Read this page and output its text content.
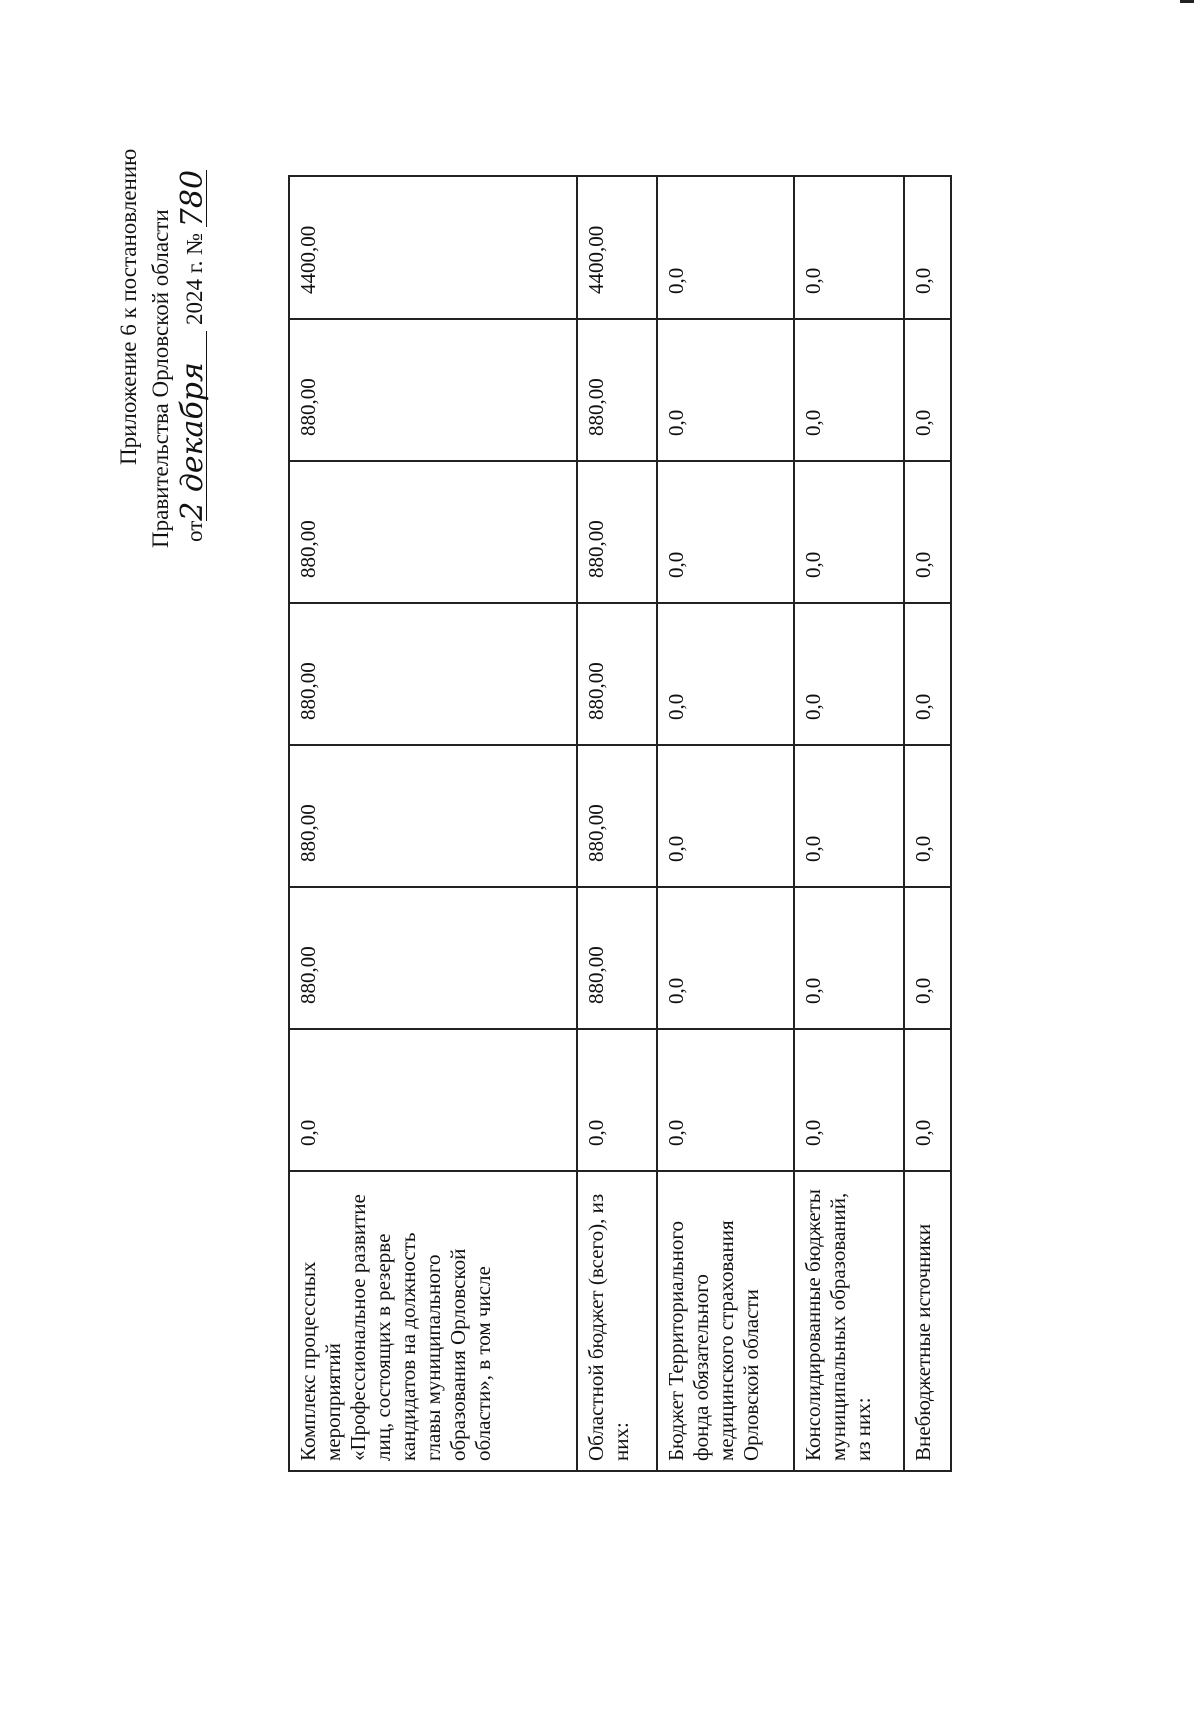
Приложение 6 к постановлению Правительства Орловской области от2 декабря 2024 г. № 780
Комплекс процессных мероприятий «Профессиональное развитие лиц, состоящих в резерве кандидатов на должность главы муниципального образования Орловской области», в том числе	0,0	880,00	880,00	880,00	880,00	880,00	4400,00
Областной бюджет (всего), из них:	0,0	880,00	880,00	880,00	880,00	880,00	4400,00
Бюджет Территориального фонда обязательного медицинского страхования Орловской области	0,0	0,0	0,0	0,0	0,0	0,0	0,0
Консолидированные бюджеты муниципальных образований, из них:	0,0	0,0	0,0	0,0	0,0	0,0	0,0
Внебюджетные источники	0,0	0,0	0,0	0,0	0,0	0,0	0,0
